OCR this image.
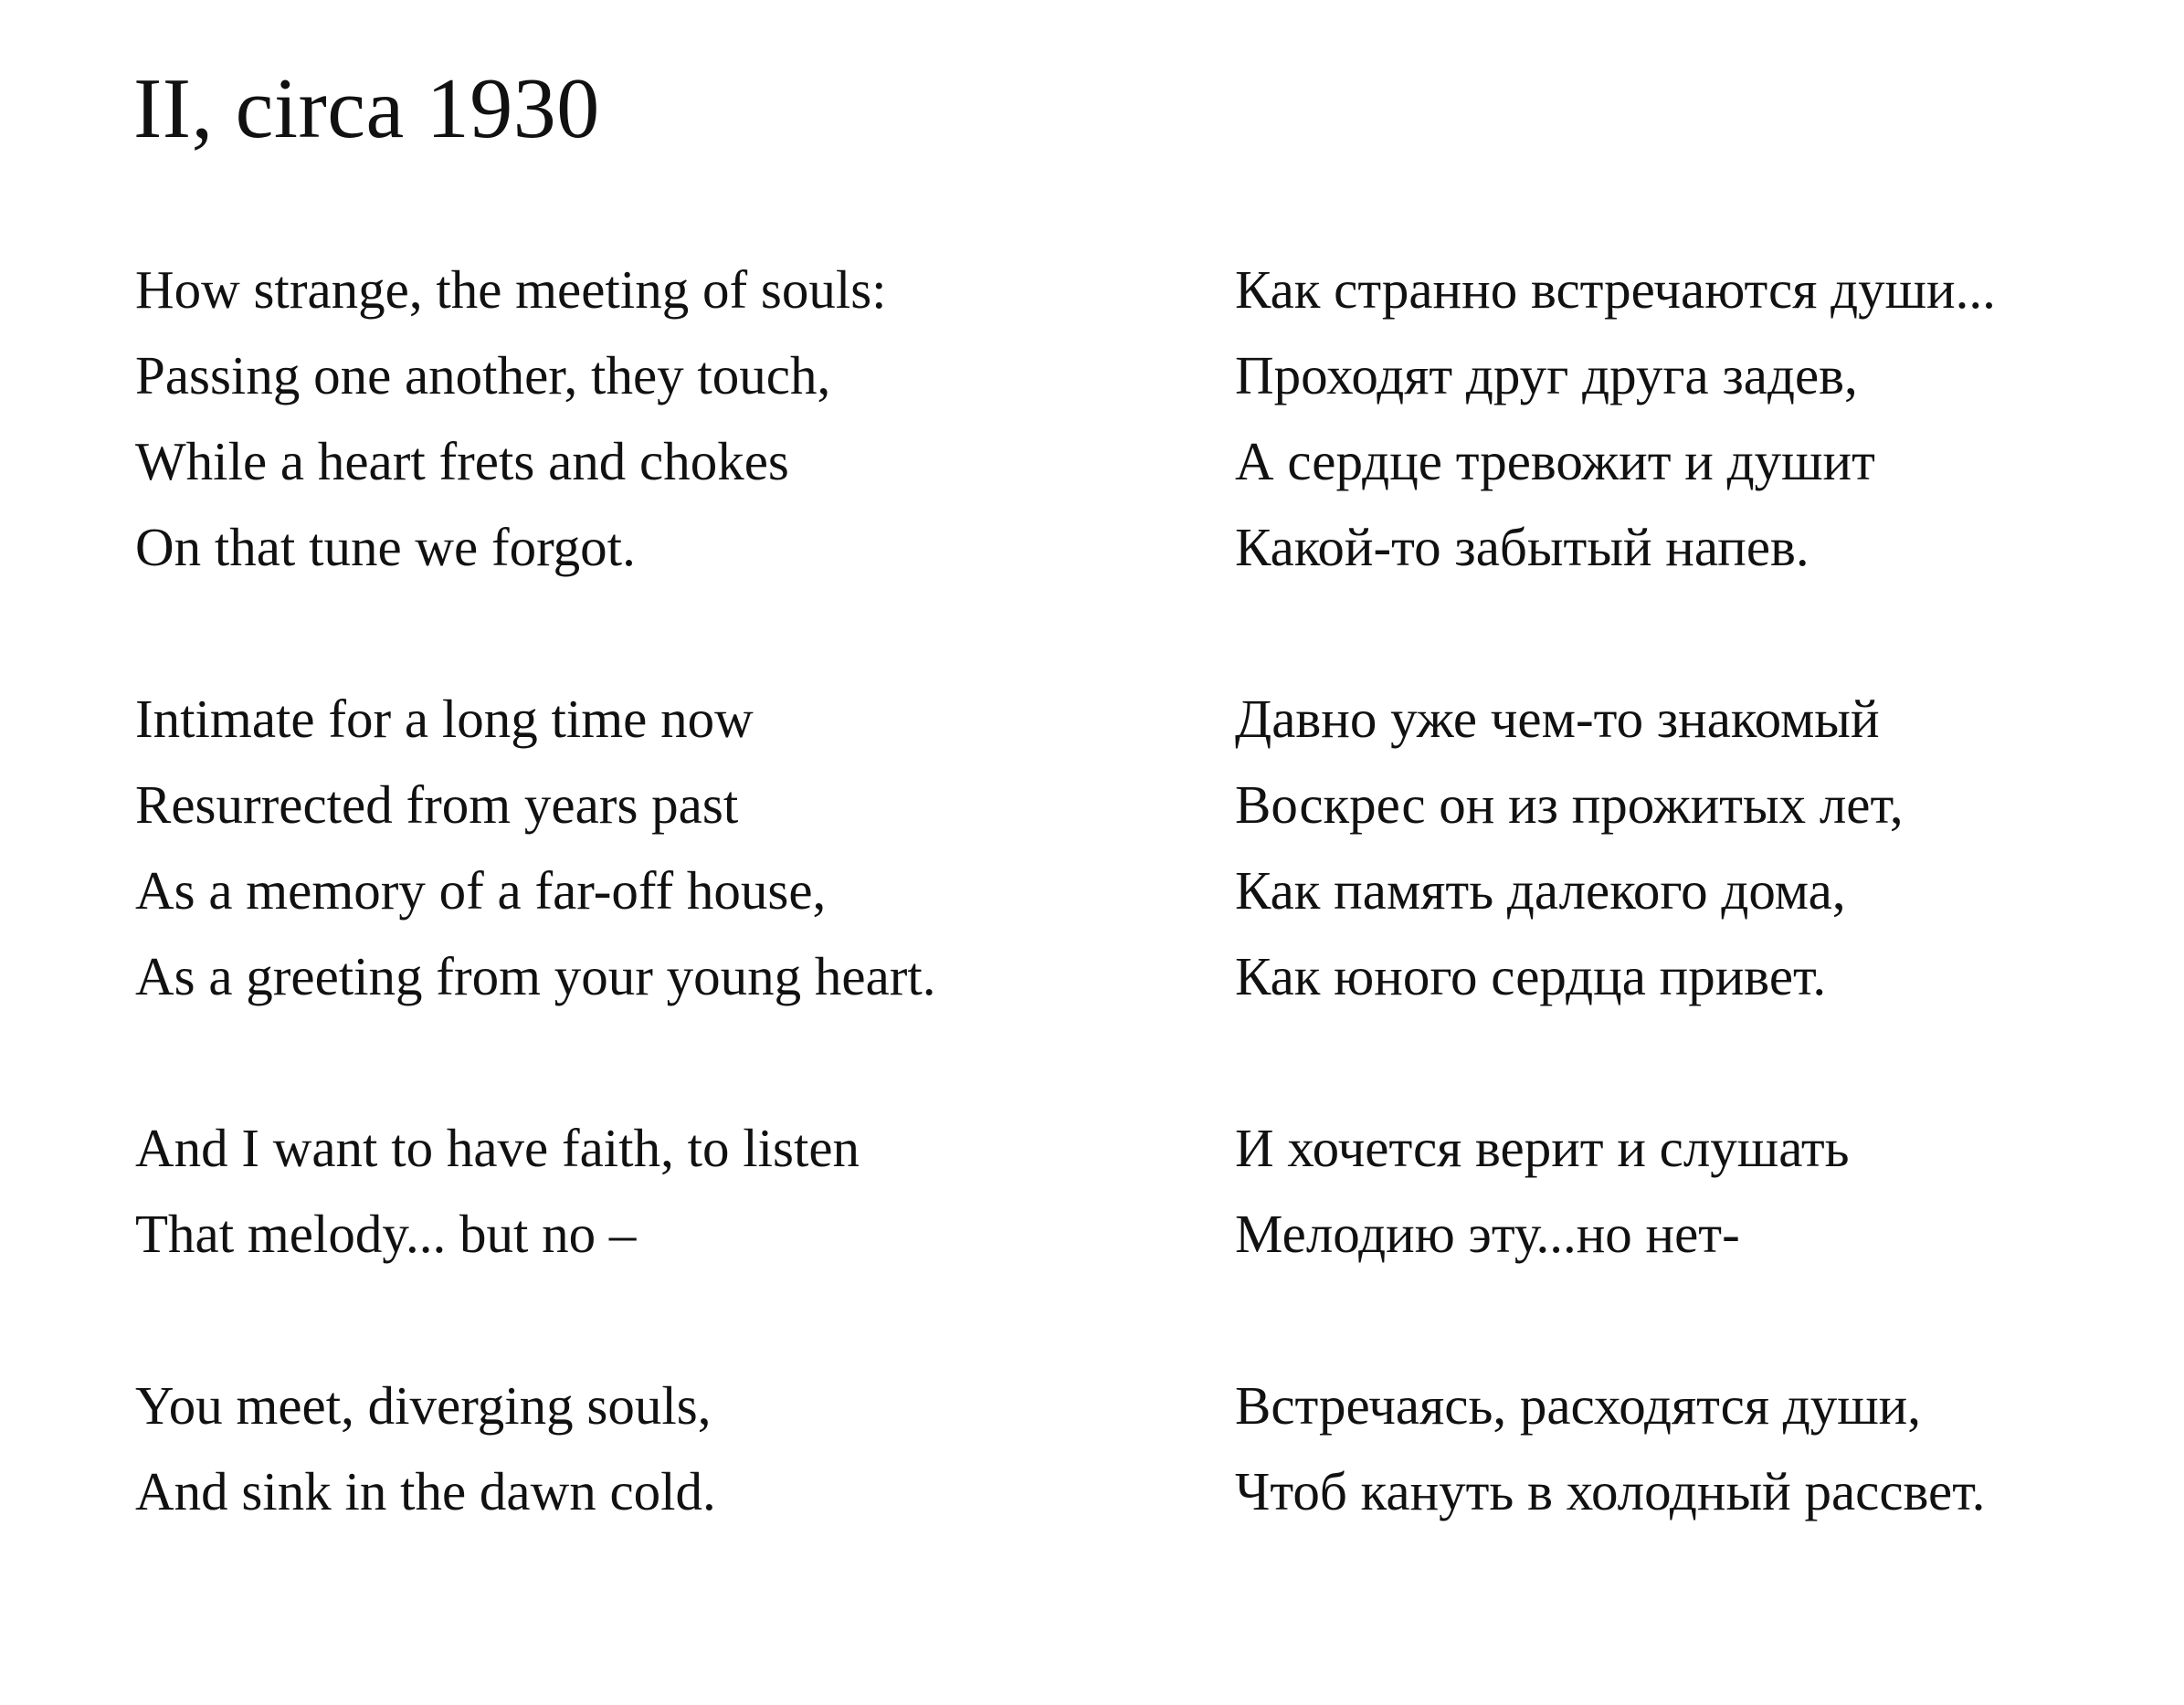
II, circa 1930
How strange, the meeting of souls:
Passing one another, they touch,
While a heart frets and chokes
On that tune we forgot.
Intimate for a long time now
Resurrected from years past
As a memory of a far-off house,
As a greeting from your young heart.
And I want to have faith, to listen
That melody... but no –
You meet, diverging souls,
And sink in the dawn cold.
Как странно встречаются души...
Проходят друг друга задев,
А сердце тревожит и душит
Какой-то забытый напев.
Давно уже чем-то знакомый
Воскрес он из прожитых лет,
Как память далекого дома,
Как юного сердца привет.
И хочется верит и слушать
Мелодию эту...но нет-
Встречаясь, расходятся души,
Чтоб кануть в холодный рассвет.
